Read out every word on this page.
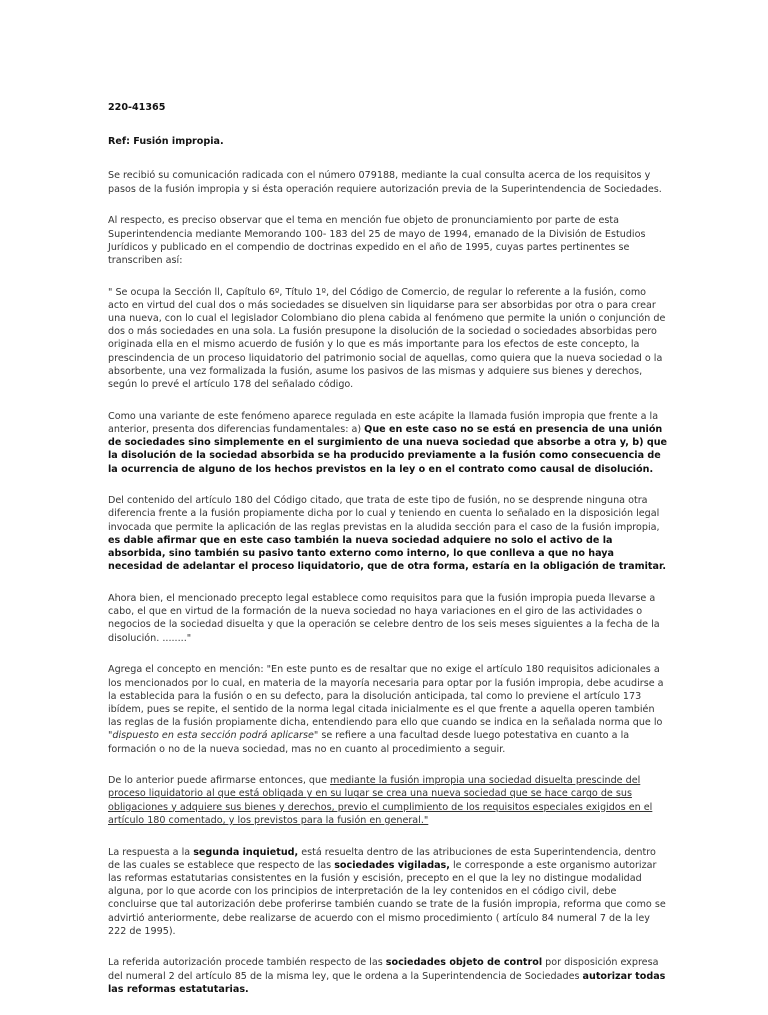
220-41365

Ref: Fusión impropia.

Se recibió su comunicación radicada con el número 079188, mediante la cual consulta acerca de los requisitos y pasos de la fusión impropia y si ésta operación requiere autorización previa de la Superintendencia de Sociedades.

Al respecto, es preciso observar que el tema en mención fue objeto de pronunciamiento por parte de esta Superintendencia mediante Memorando 100- 183 del 25 de mayo de 1994, emanado de la División de Estudios Jurídicos y publicado en el compendio de doctrinas expedido en el año de 1995, cuyas partes pertinentes se transcriben así:

" Se ocupa la Sección ll, Capítulo 6º, Título 1º, del Código de Comercio, de regular lo referente a la fusión, como acto en virtud del cual dos o más sociedades se disuelven sin liquidarse para ser absorbidas por otra o para crear una nueva, con lo cual el legislador Colombiano dio plena cabida al fenómeno que permite la unión o conjunción de dos o más sociedades en una sola. La fusión presupone la disolución de la sociedad o sociedades absorbidas pero originada ella en el mismo acuerdo de fusión y lo que es más importante para los efectos de este concepto, la prescindencia de un proceso liquidatorio del patrimonio social de aquellas, como quiera que la nueva sociedad o la absorbente, una vez formalizada la fusión, asume los pasivos de las mismas y adquiere sus bienes y derechos, según lo prevé el artículo 178 del señalado código.

Como una variante de este fenómeno aparece regulada en este acápite la llamada fusión impropia que frente a la anterior, presenta dos diferencias fundamentales: a) Que en este caso no se está en presencia de una unión de sociedades sino simplemente en el surgimiento de una nueva sociedad que absorbe a otra y, b) que la disolución de la sociedad absorbida se ha producido previamente a la fusión como consecuencia de la ocurrencia de alguno de los hechos previstos en la ley o en el contrato como causal de disolución.

Del contenido del artículo 180 del Código citado, que trata de este tipo de fusión, no se desprende ninguna otra diferencia frente a la fusión propiamente dicha por lo cual y teniendo en cuenta lo señalado en la disposición legal invocada que permite la aplicación de las reglas previstas en la aludida sección para el caso de la fusión impropia, es dable afirmar que en este caso también la nueva sociedad adquiere no solo el activo de la absorbida, sino también su pasivo tanto externo como interno, lo que conlleva a que no haya necesidad de adelantar el proceso liquidatorio, que de otra forma, estaría en la obligación de tramitar.

Ahora bien, el mencionado precepto legal establece como requisitos para que la fusión impropia pueda llevarse a cabo, el que en virtud de la formación de la nueva sociedad no haya variaciones en el giro de las actividades o negocios de la sociedad disuelta y que la operación se celebre dentro de los seis meses siguientes a la fecha de la disolución. ........"

Agrega el concepto en mención: "En este punto es de resaltar que no exige el artículo 180 requisitos adicionales a los mencionados por lo cual, en materia de la mayoría necesaria para optar por la fusión impropia, debe acudirse a la establecida para la fusión o en su defecto, para la disolución anticipada, tal como lo previene el artículo 173 ibídem, pues se repite, el sentido de la norma legal citada inicialmente es el que frente a aquella operen también las reglas de la fusión propiamente dicha, entendiendo para ello que cuando se indica en la señalada norma que lo "dispuesto en esta sección podrá aplicarse" se refiere a una facultad desde luego potestativa en cuanto a la formación o no de la nueva sociedad, mas no en cuanto al procedimiento a seguir.

De lo anterior puede afirmarse entonces, que mediante la fusión impropia una sociedad disuelta prescinde del proceso liquidatorio al que está obligada y en su lugar se crea una nueva sociedad que se hace cargo de sus obligaciones y adquiere sus bienes y derechos, previo el cumplimiento de los requisitos especiales exigidos en el artículo 180 comentado, y los previstos para la fusión en general."

La respuesta a la segunda inquietud, está resuelta dentro de las atribuciones de esta Superintendencia, dentro de las cuales se establece que respecto de las sociedades vigiladas, le corresponde a este organismo autorizar las reformas estatutarias consistentes en la fusión y escisión, precepto en el que la ley no distingue modalidad alguna, por lo que acorde con los principios de interpretación de la ley contenidos en el código civil, debe concluirse que tal autorización debe proferirse también cuando se trate de la fusión impropia, reforma que como se advirtió anteriormente, debe realizarse de acuerdo con el mismo procedimiento ( artículo 84 numeral 7 de la ley 222 de 1995).

La referida autorización procede también respecto de las sociedades objeto de control por disposición expresa del numeral 2 del artículo 85 de la misma ley, que le ordena a la Superintendencia de Sociedades autorizar todas las reformas estatutarias.
